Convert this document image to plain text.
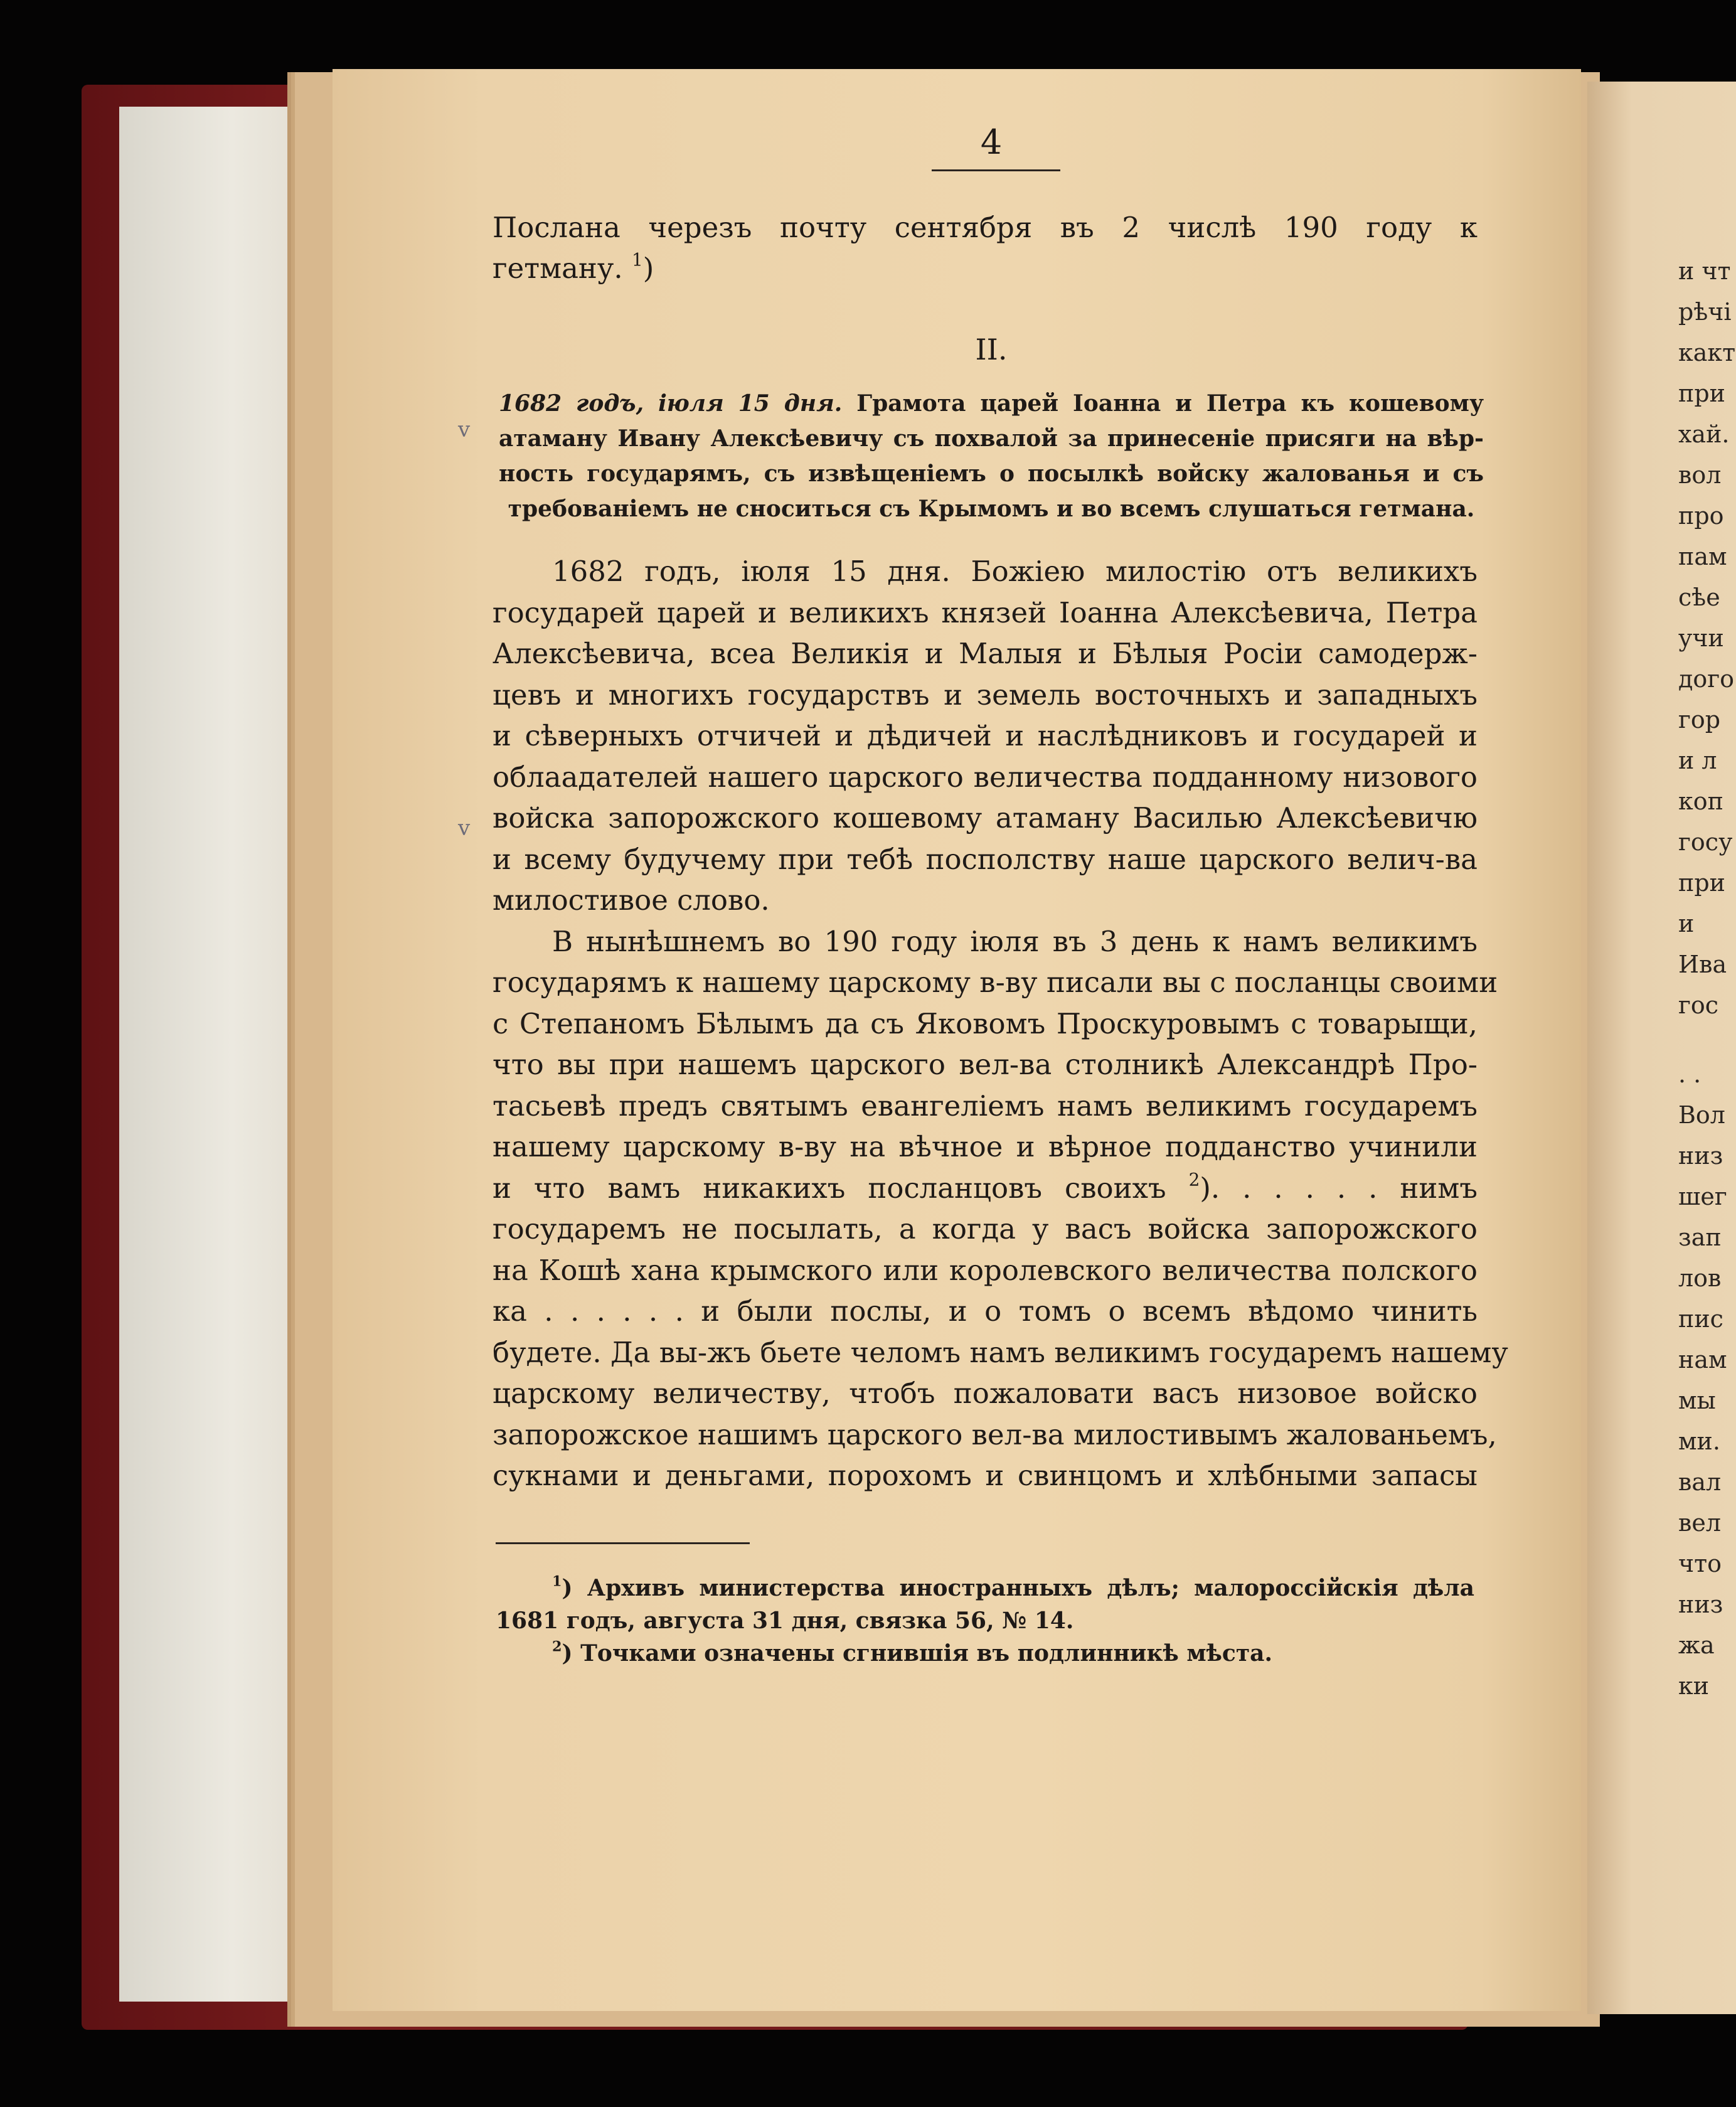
и чт
рѣчі
какт
при
хай.
вол
про
пам
сѣе
учи
дого
гор
и л
коп
госу
при
и
Ива
гос
. .
Вол
низ
шег
зап
лов
пис
нам
мы
ми.
вал
вел
что
низ
жа
ки
4
Послана черезъ почту сентября въ 2 числѣ 190 году к
гетману. $^1$)
II.
1682 годъ, іюля 15 дня. Грамота царей Іоанна и Петра къ кошевому
атаману Ивану Алексѣевичу съ похвалой за принесеніе присяги на вѣр-
ность государямъ, съ извѣщеніемъ о посылкѣ войску жалованья и съ
требованіемъ не сноситься съ Крымомъ и во всемъ слушаться гетмана.
v
v
1682 годъ, іюля 15 дня. Божіею милостію отъ великихъ
государей царей и великихъ князей Іоанна Алексѣевича, Петра
Алексѣевича, всеа Великія и Малыя и Бѣлыя Росіи самодерж-
цевъ и многихъ государствъ и земель восточныхъ и западныхъ
и сѣверныхъ отчичей и дѣдичей и наслѣдниковъ и государей и
облаадателей нашего царского величества подданному низового
войска запорожского кошевому атаману Василью Алексѣевичю
и всему будучему при тебѣ посполству наше царского велич-ва
милостивое слово.
В нынѣшнемъ во 190 году іюля въ 3 день к намъ великимъ
государямъ к нашему царскому в-ву писали вы с посланцы своими
с Степаномъ Бѣлымъ да съ Яковомъ Проскуровымъ с товарыщи,
что вы при нашемъ царского вел-ва столникѣ Александрѣ Про-
тасьевѣ предъ святымъ евангеліемъ намъ великимъ государемъ
нашему царскому в-ву на вѣчное и вѣрное подданство учинили
и что вамъ никакихъ посланцовъ своихъ $^2$). . . . . . нимъ
государемъ не посылать, а когда у васъ войска запорожского
на Кошѣ хана крымского или королевского величества полского
ка . . . . . . и были послы, и о томъ о всемъ вѣдомо чинить
будете. Да вы-жъ бьете челомъ намъ великимъ государемъ нашему
царскому величеству, чтобъ пожаловати васъ низовое войско
запорожское нашимъ царского вел-ва милостивымъ жалованьемъ,
сукнами и деньгами, порохомъ и свинцомъ и хлѣбными запасы
$^1$) Архивъ министерства иностранныхъ дѣлъ; малороссійскія дѣла
1681 годъ, августа 31 дня, связка 56, № 14.
$^2$) Точками означены сгнившія въ подлинникѣ мѣста.
